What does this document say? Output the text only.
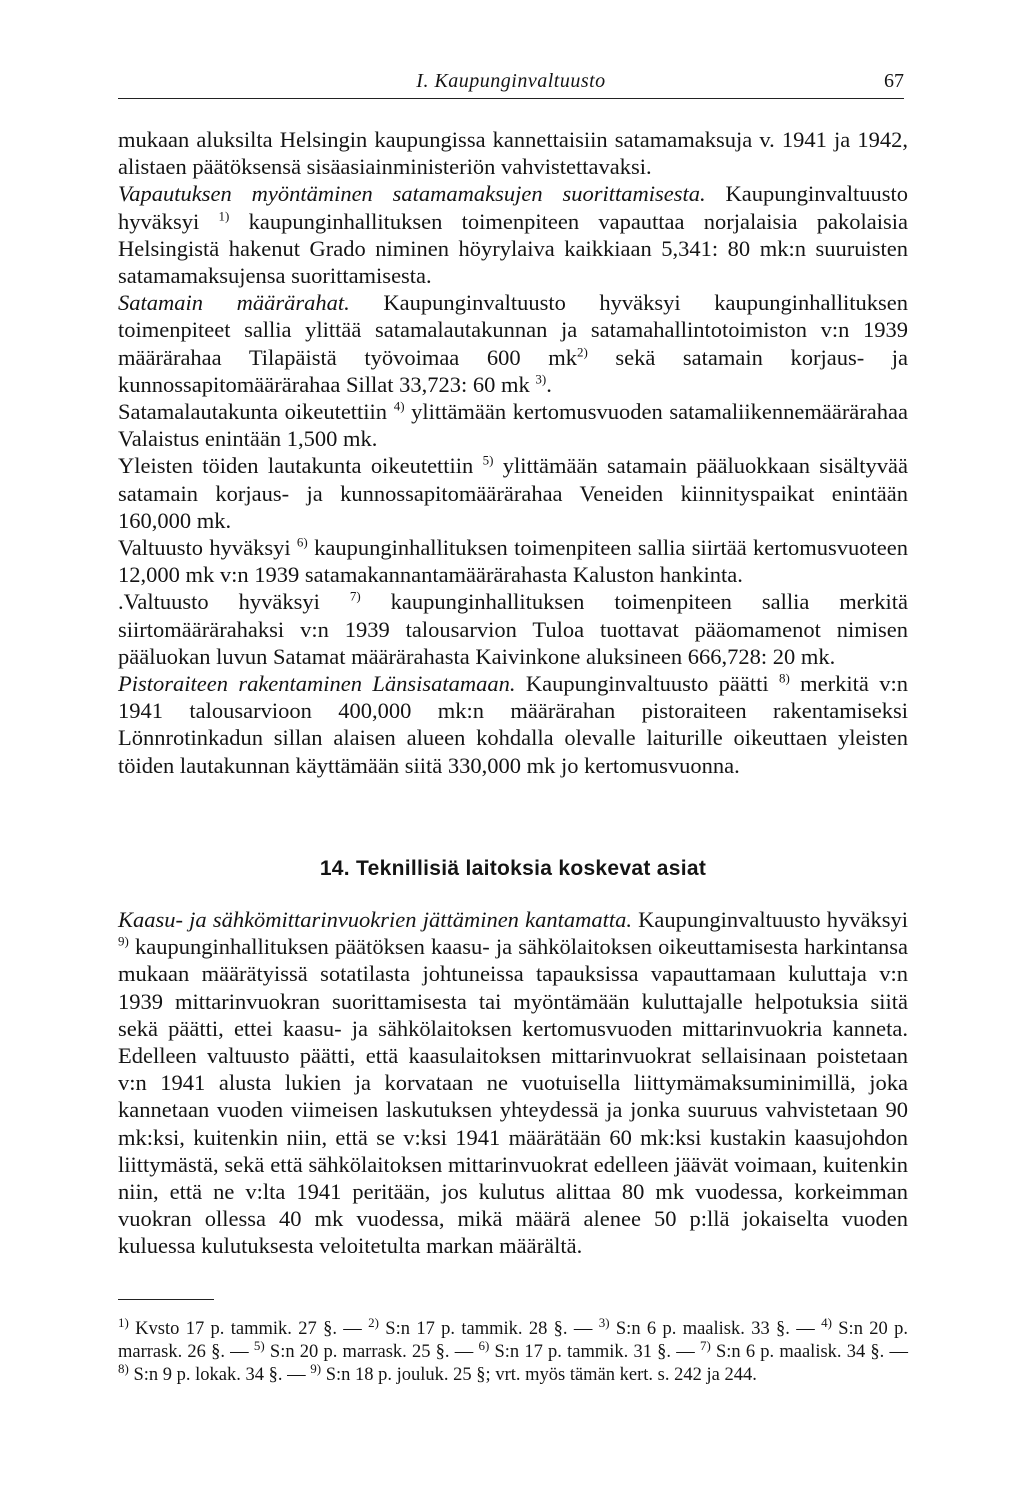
I. Kaupunginvaltuusto	67

mukaan aluksilta Helsingin kaupungissa kannettaisiin satamamaksuja v. 1941 ja 1942, alistaen päätöksensä sisäasiainministeriön vahvistettavaksi.

Vapautuksen myöntäminen satamamaksujen suorittamisesta. Kaupunginvaltuusto hyväksyi $^{1)}$ kaupunginhallituksen toimenpiteen vapauttaa norjalaisia pakolaisia Helsingistä hakenut Grado niminen höyrylaiva kaikkiaan 5,341: 80 mk:n suuruisten satamamaksujensa suorittamisesta.

Satamain määrärahat. Kaupunginvaltuusto hyväksyi kaupunginhallituksen toimenpiteet sallia ylittää satamalautakunnan ja satamahallintotoimiston v:n 1939 määrärahaa Tilapäistä työvoimaa 600 $mk^{2)}$ sekä satamain korjaus- ja kunnossapitomäärärahaa Sillat 33,723: 60 mk $^{3)}$.

Satamalautakunta oikeutettiin $^{4)}$ ylittämään kertomusvuoden satamaliikennemäärärahaa Valaistus enintään 1,500 mk.

Yleisten töiden lautakunta oikeutettiin $^{5)}$ ylittämään satamain pääluokkaan sisältyvää satamain korjaus- ja kunnossapitomäärärahaa Veneiden kiinnityspaikat enintään 160,000 mk.

Valtuusto hyväksyi $^{6)}$ kaupunginhallituksen toimenpiteen sallia siirtää kertomusvuoteen 12,000 mk v:n 1939 satamakannantamäärärahasta Kaluston hankinta.

.Valtuusto hyväksyi $^{7)}$ kaupunginhallituksen toimenpiteen sallia merkitä siirtomäärärahaksi v:n 1939 talousarvion Tuloa tuottavat pääomamenot nimisen pääluokan luvun Satamat määrärahasta Kaivinkone aluksineen 666,728: 20 mk.

Pistoraiteen rakentaminen Länsisatamaan. Kaupunginvaltuusto päätti $^{8)}$ merkitä v:n 1941 talousarvioon 400,000 mk:n määrärahan pistoraiteen rakentamiseksi Lönnrotinkadun sillan alaisen alueen kohdalla olevalle laiturille oikeuttaen yleisten töiden lautakunnan käyttämään siitä 330,000 mk jo kertomusvuonna.

14. Teknillisiä laitoksia koskevat asiat

Kaasu- ja sähkömittarinvuokrien jättäminen kantamatta. Kaupunginvaltuusto hyväksyi $^{9)}$ kaupunginhallituksen päätöksen kaasu- ja sähkölaitoksen oikeuttamisesta harkintansa mukaan määrätyissä sotatilasta johtuneissa tapauksissa vapauttamaan kuluttaja v:n 1939 mittarinvuokran suorittamisesta tai myöntämään kuluttajalle helpotuksia siitä sekä päätti, ettei kaasu- ja sähkölaitoksen kertomusvuoden mittarinvuokria kanneta. Edelleen valtuusto päätti, että kaasulaitoksen mittarinvuokrat sellaisinaan poistetaan v:n 1941 alusta lukien ja korvataan ne vuotuisella liittymämaksuminimillä, joka kannetaan vuoden viimeisen laskutuksen yhteydessä ja jonka suuruus vahvistetaan 90 mk:ksi, kuitenkin niin, että se v:ksi 1941 määrätään 60 mk:ksi kustakin kaasujohdon liittymästä, sekä että sähkölaitoksen mittarinvuokrat edelleen jäävät voimaan, kuitenkin niin, että ne v:lta 1941 peritään, jos kulutus alittaa 80 mk vuodessa, korkeimman vuokran ollessa 40 mk vuodessa, mikä määrä alenee 50 p:llä jokaiselta vuoden kuluessa kulutuksesta veloitetulta markan määrältä.

$^{1)}$ Kvsto 17 p. tammik. 27 §. — $^{2)}$ S:n 17 p. tammik. 28 §. — $^{3)}$ S:n 6 p. maalisk. 33 §. — $^{4)}$ S:n 20 p. marrask. 26 §. — $^{5)}$ S:n 20 p. marrask. 25 §. — $^{6)}$ S:n 17 p. tammik. 31 §. — $^{7)}$ S:n 6 p. maalisk. 34 §. — $^{8)}$ S:n 9 p. lokak. 34 §. — $^{9)}$ S:n 18 p. jouluk. 25 §; vrt. myös tämän kert. s. 242 ja 244.
